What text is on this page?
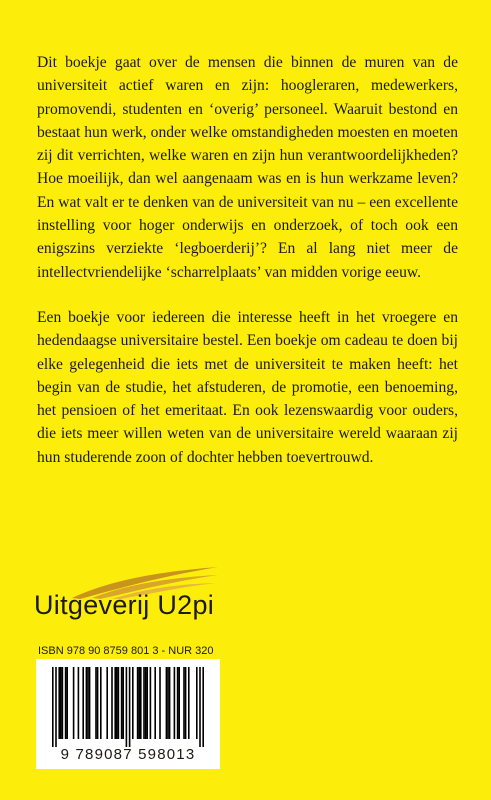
Dit boekje gaat over de mensen die binnen de muren van de universiteit actief waren en zijn: hoogleraren, medewerkers, promovendi, studenten en ‘overig’ personeel. Waaruit bestond en bestaat hun werk, onder welke omstandigheden moesten en moeten zij dit verrichten, welke waren en zijn hun verantwoordelijkheden? Hoe moeilijk, dan wel aangenaam was en is hun werkzame leven? En wat valt er te denken van de universiteit van nu – een excellente instelling voor hoger onderwijs en onderzoek, of toch ook een enigszins verziekte ‘legboerderij’? En al lang niet meer de intellectvriendelijke ‘scharrelplaats’ van midden vorige eeuw.

Een boekje voor iedereen die interesse heeft in het vroegere en hedendaagse universitaire bestel. Een boekje om cadeau te doen bij elke gelegenheid die iets met de universiteit te maken heeft: het begin van de studie, het afstuderen, de promotie, een benoeming, het pensioen of het emeritaat. En ook lezenswaardig voor ouders, die iets meer willen weten van de universitaire wereld waaraan zij hun studerende zoon of dochter hebben toevertrouwd.

Uitgeverij U2pi
ISBN 978 90 8759 801 3 - NUR 320
9 789087 598013
